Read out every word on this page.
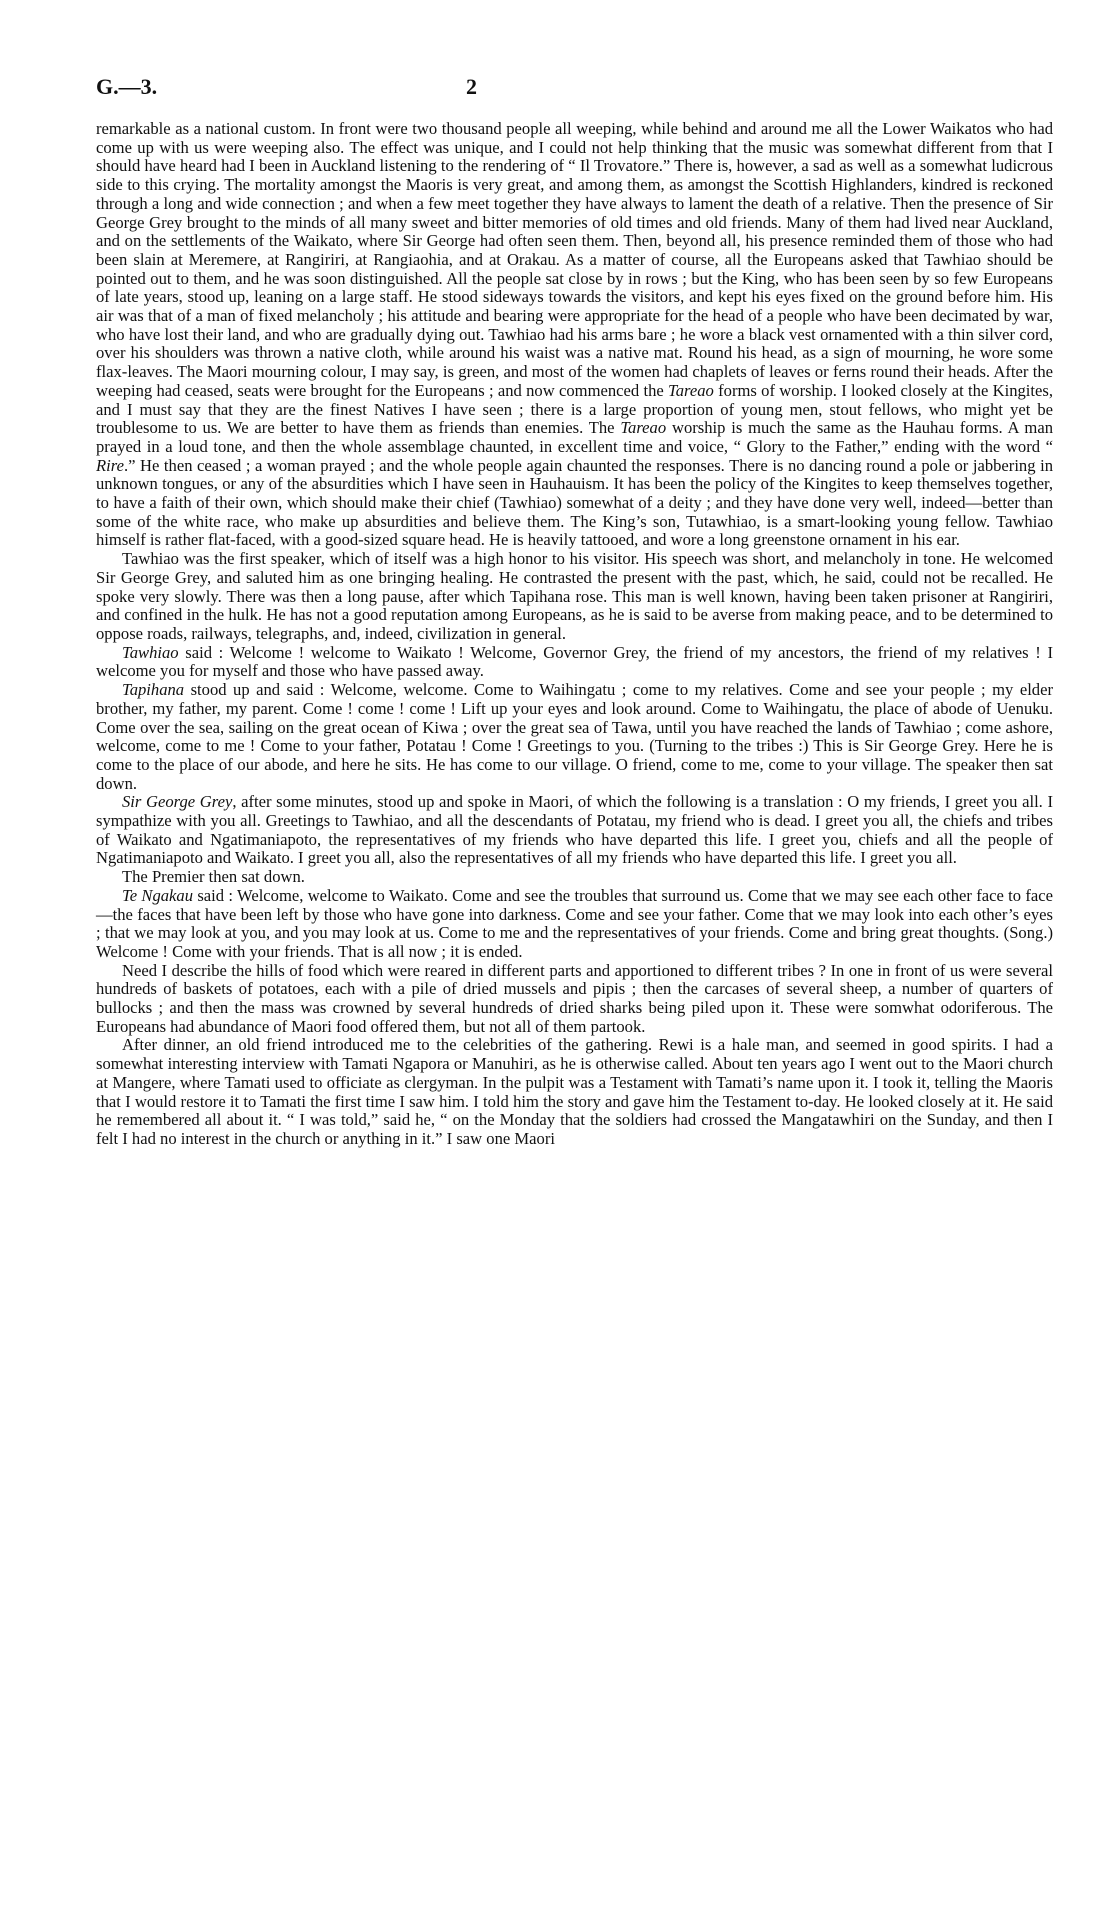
G.—3.	2

remarkable as a national custom. In front were two thousand people all weeping, while behind and around me all the Lower Waikatos who had come up with us were weeping also. The effect was unique, and I could not help thinking that the music was somewhat different from that I should have heard had I been in Auckland listening to the rendering of “ Il Trovatore.” There is, however, a sad as well as a somewhat ludicrous side to this crying. The mortality amongst the Maoris is very great, and among them, as amongst the Scottish Highlanders, kindred is reckoned through a long and wide connection ; and when a few meet together they have always to lament the death of a relative. Then the presence of Sir George Grey brought to the minds of all many sweet and bitter memories of old times and old friends. Many of them had lived near Auckland, and on the settlements of the Waikato, where Sir George had often seen them. Then, beyond all, his presence reminded them of those who had been slain at Meremere, at Rangiriri, at Rangiaohia, and at Orakau. As a matter of course, all the Europeans asked that Tawhiao should be pointed out to them, and he was soon distinguished. All the people sat close by in rows ; but the King, who has been seen by so few Europeans of late years, stood up, leaning on a large staff. He stood sideways towards the visitors, and kept his eyes fixed on the ground before him. His air was that of a man of fixed melancholy ; his attitude and bearing were appropriate for the head of a people who have been decimated by war, who have lost their land, and who are gradually dying out. Tawhiao had his arms bare ; he wore a black vest ornamented with a thin silver cord, over his shoulders was thrown a native cloth, while around his waist was a native mat. Round his head, as a sign of mourning, he wore some flax-leaves. The Maori mourning colour, I may say, is green, and most of the women had chaplets of leaves or ferns round their heads. After the weeping had ceased, seats were brought for the Europeans ; and now commenced the Tareao forms of worship. I looked closely at the Kingites, and I must say that they are the finest Natives I have seen ; there is a large proportion of young men, stout fellows, who might yet be troublesome to us. We are better to have them as friends than enemies. The Tareao worship is much the same as the Hauhau forms. A man prayed in a loud tone, and then the whole assemblage chaunted, in excellent time and voice, “ Glory to the Father,” ending with the word “ Rire.” He then ceased ; a woman prayed ; and the whole people again chaunted the responses. There is no dancing round a pole or jabbering in unknown tongues, or any of the absurdities which I have seen in Hauhauism. It has been the policy of the Kingites to keep themselves together, to have a faith of their own, which should make their chief (Tawhiao) somewhat of a deity ; and they have done very well, indeed—better than some of the white race, who make up absurdities and believe them. The King’s son, Tutawhiao, is a smart-looking young fellow. Tawhiao himself is rather flat-faced, with a good-sized square head. He is heavily tattooed, and wore a long greenstone ornament in his ear.

Tawhiao was the first speaker, which of itself was a high honor to his visitor. His speech was short, and melancholy in tone. He welcomed Sir George Grey, and saluted him as one bringing healing. He contrasted the present with the past, which, he said, could not be recalled. He spoke very slowly. There was then a long pause, after which Tapihana rose. This man is well known, having been taken prisoner at Rangiriri, and confined in the hulk. He has not a good reputation among Europeans, as he is said to be averse from making peace, and to be determined to oppose roads, railways, telegraphs, and, indeed, civilization in general.

Tawhiao said : Welcome ! welcome to Waikato ! Welcome, Governor Grey, the friend of my ancestors, the friend of my relatives ! I welcome you for myself and those who have passed away.

Tapihana stood up and said : Welcome, welcome. Come to Waihingatu ; come to my relatives. Come and see your people ; my elder brother, my father, my parent. Come ! come ! come ! Lift up your eyes and look around. Come to Waihingatu, the place of abode of Uenuku. Come over the sea, sailing on the great ocean of Kiwa ; over the great sea of Tawa, until you have reached the lands of Tawhiao ; come ashore, welcome, come to me ! Come to your father, Potatau ! Come ! Greetings to you. (Turning to the tribes :) This is Sir George Grey. Here he is come to the place of our abode, and here he sits. He has come to our village. O friend, come to me, come to your village. The speaker then sat down.

Sir George Grey, after some minutes, stood up and spoke in Maori, of which the following is a translation : O my friends, I greet you all. I sympathize with you all. Greetings to Tawhiao, and all the descendants of Potatau, my friend who is dead. I greet you all, the chiefs and tribes of Waikato and Ngatimaniapoto, the representatives of my friends who have departed this life. I greet you, chiefs and all the people of Ngatimaniapoto and Waikato. I greet you all, also the representatives of all my friends who have departed this life. I greet you all.

The Premier then sat down.

Te Ngakau said : Welcome, welcome to Waikato. Come and see the troubles that surround us. Come that we may see each other face to face—the faces that have been left by those who have gone into darkness. Come and see your father. Come that we may look into each other’s eyes ; that we may look at you, and you may look at us. Come to me and the representatives of your friends. Come and bring great thoughts. (Song.) Welcome ! Come with your friends. That is all now ; it is ended.

Need I describe the hills of food which were reared in different parts and apportioned to different tribes ? In one in front of us were several hundreds of baskets of potatoes, each with a pile of dried mussels and pipis ; then the carcases of several sheep, a number of quarters of bullocks ; and then the mass was crowned by several hundreds of dried sharks being piled upon it. These were somwhat odoriferous. The Europeans had abundance of Maori food offered them, but not all of them partook.

After dinner, an old friend introduced me to the celebrities of the gathering. Rewi is a hale man, and seemed in good spirits. I had a somewhat interesting interview with Tamati Ngapora or Manuhiri, as he is otherwise called. About ten years ago I went out to the Maori church at Mangere, where Tamati used to officiate as clergyman. In the pulpit was a Testament with Tamati’s name upon it. I took it, telling the Maoris that I would restore it to Tamati the first time I saw him. I told him the story and gave him the Testament to-day. He looked closely at it. He said he remembered all about it. “ I was told,” said he, “ on the Monday that the soldiers had crossed the Mangatawhiri on the Sunday, and then I felt I had no interest in the church or anything in it.” I saw one Maori
